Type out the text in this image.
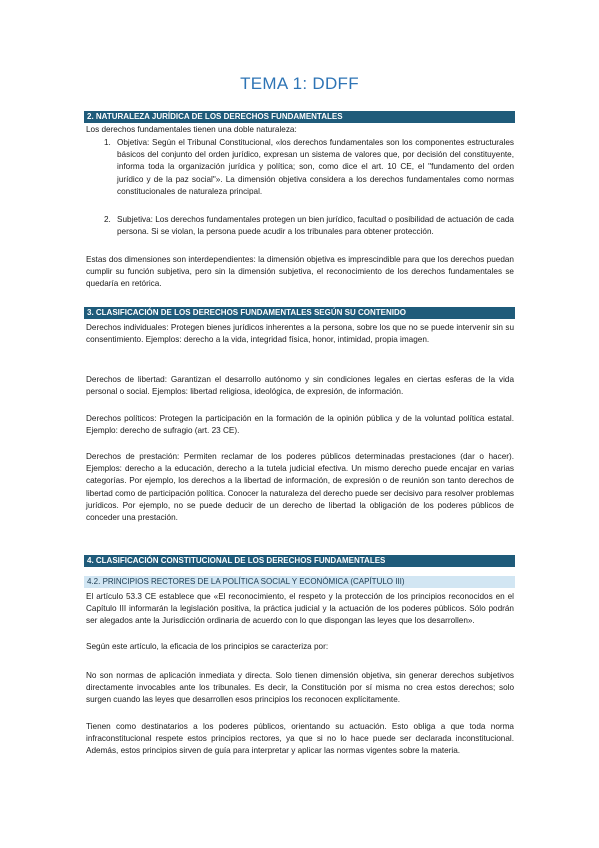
TEMA 1: DDFF
2. NATURALEZA JURÍDICA DE LOS DERECHOS FUNDAMENTALES

Los derechos fundamentales tienen una doble naturaleza:

1. Objetiva: Según el Tribunal Constitucional, «los derechos fundamentales son los componentes estructurales básicos del conjunto del orden jurídico, expresan un sistema de valores que, por decisión del constituyente, informa toda la organización jurídica y política; son, como dice el art. 10 CE, el "fundamento del orden jurídico y de la paz social"». La dimensión objetiva considera a los derechos fundamentales como normas constitucionales de naturaleza principal.

2. Subjetiva: Los derechos fundamentales protegen un bien jurídico, facultad o posibilidad de actuación de cada persona. Si se violan, la persona puede acudir a los tribunales para obtener protección.

Estas dos dimensiones son interdependientes: la dimensión objetiva es imprescindible para que los derechos puedan cumplir su función subjetiva, pero sin la dimensión subjetiva, el reconocimiento de los derechos fundamentales se quedaría en retórica.

3. CLASIFICACIÓN DE LOS DERECHOS FUNDAMENTALES SEGÚN SU CONTENIDO

Derechos individuales: Protegen bienes jurídicos inherentes a la persona, sobre los que no se puede intervenir sin su consentimiento. Ejemplos: derecho a la vida, integridad física, honor, intimidad, propia imagen.

Derechos de libertad: Garantizan el desarrollo autónomo y sin condiciones legales en ciertas esferas de la vida personal o social. Ejemplos: libertad religiosa, ideológica, de expresión, de información.

Derechos políticos: Protegen la participación en la formación de la opinión pública y de la voluntad política estatal. Ejemplo: derecho de sufragio (art. 23 CE).

Derechos de prestación: Permiten reclamar de los poderes públicos determinadas prestaciones (dar o hacer). Ejemplos: derecho a la educación, derecho a la tutela judicial efectiva. Un mismo derecho puede encajar en varias categorías. Por ejemplo, los derechos a la libertad de información, de expresión o de reunión son tanto derechos de libertad como de participación política. Conocer la naturaleza del derecho puede ser decisivo para resolver problemas jurídicos. Por ejemplo, no se puede deducir de un derecho de libertad la obligación de los poderes públicos de conceder una prestación.

4. CLASIFICACIÓN CONSTITUCIONAL DE LOS DERECHOS FUNDAMENTALES
4.2. PRINCIPIOS RECTORES DE LA POLÍTICA SOCIAL Y ECONÓMICA (CAPÍTULO III)

El artículo 53.3 CE establece que «El reconocimiento, el respeto y la protección de los principios reconocidos en el Capítulo III informarán la legislación positiva, la práctica judicial y la actuación de los poderes públicos. Sólo podrán ser alegados ante la Jurisdicción ordinaria de acuerdo con lo que dispongan las leyes que los desarrollen».

Según este artículo, la eficacia de los principios se caracteriza por:

No son normas de aplicación inmediata y directa. Solo tienen dimensión objetiva, sin generar derechos subjetivos directamente invocables ante los tribunales. Es decir, la Constitución por sí misma no crea estos derechos; solo surgen cuando las leyes que desarrollen esos principios los reconocen explícitamente.

Tienen como destinatarios a los poderes públicos, orientando su actuación. Esto obliga a que toda norma infraconstitucional respete estos principios rectores, ya que si no lo hace puede ser declarada inconstitucional. Además, estos principios sirven de guía para interpretar y aplicar las normas vigentes sobre la materia.
